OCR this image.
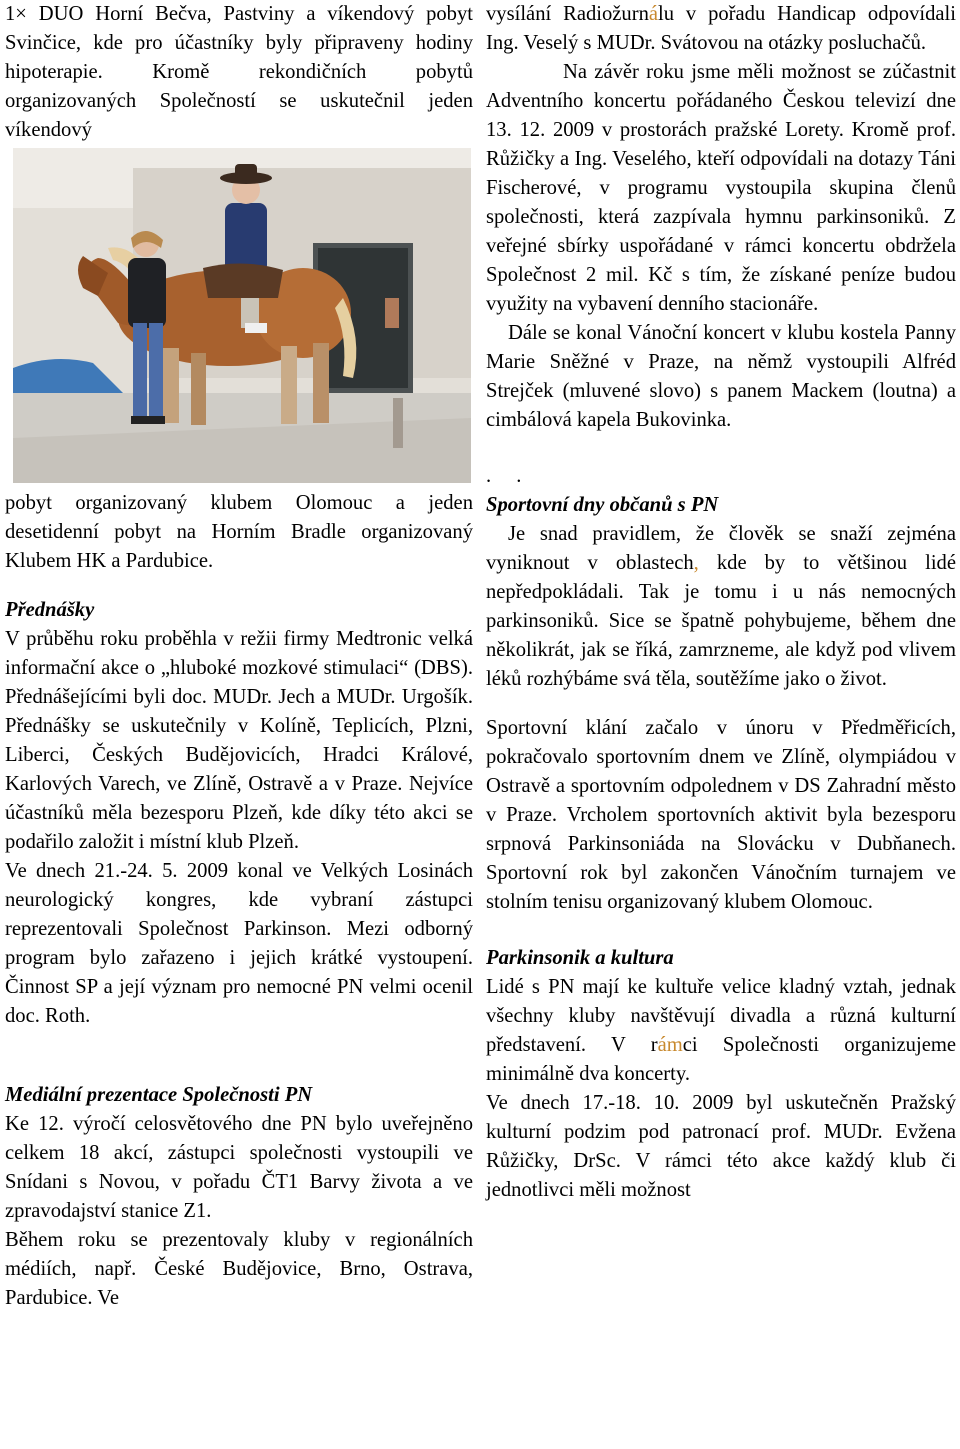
1× DUO Horní Bečva, Pastviny a víkendový pobyt Svinčice, kde pro účastníky byly připraveny hodiny hipoterapie. Kromě rekondičních pobytů organizovaných Společností se uskutečnil jeden víkendový

pobyt organizovaný klubem Olomouc a jeden desetidenní pobyt na Horním Bradle organizovaný Klubem HK a Pardubice.

Přednášky

V průběhu roku proběhla v režii firmy Medtronic velká informační akce o „hluboké mozkové stimulaci“ (DBS). Přednášejícími byli doc. MUDr. Jech a MUDr. Urgošík. Přednášky se uskutečnily v Kolíně, Teplicích, Plzni, Liberci, Českých Budějovicích, Hradci Králové, Karlových Varech, ve Zlíně, Ostravě a v Praze. Nejvíce účastníků měla bezesporu Plzeň, kde díky této akci se podařilo založit i místní klub Plzeň.

Ve dnech 21.-24. 5. 2009 konal ve Velkých Losinách neurologický kongres, kde vybraní zástupci reprezentovali Společnost Parkinson. Mezi odborný program bylo zařazeno i jejich krátké vystoupení. Činnost SP a její význam pro nemocné PN velmi ocenil doc. Roth.

Mediální prezentace Společnosti PN

Ke 12. výročí celosvětového dne PN bylo uveřejněno celkem 18 akcí, zástupci společnosti vystoupili ve Snídani s Novou, v pořadu ČT1 Barvy života a ve zpravodajství stanice Z1.

Během roku se prezentovaly kluby v regionálních médiích, např. České Budějovice, Brno, Ostrava, Pardubice. Ve

vysílání Radiožurnálu v pořadu Handicap odpovídali Ing. Veselý s MUDr. Svátovou na otázky posluchačů.

Na závěr roku jsme měli možnost se zúčastnit Adventního koncertu pořádaného Českou televizí dne 13. 12. 2009 v prostorách pražské Lorety. Kromě prof. Růžičky a Ing. Veselého, kteří odpovídali na dotazy Táni Fischerové, v programu vystoupila skupina členů společnosti, která zazpívala hymnu parkinsoniků. Z veřejné sbírky uspořádané v rámci koncertu obdržela Společnost 2 mil. Kč s tím, že získané peníze budou využity na vybavení denního stacionáře.

Dále se konal Vánoční koncert v klubu kostela Panny Marie Sněžné v Praze, na němž vystoupili Alfréd Strejček (mluvené slovo) s panem Mackem (loutna) a cimbálová kapela Bukovinka.

. .

Sportovní dny občanů s PN

Je snad pravidlem, že člověk se snaží zejména vyniknout v oblastech, kde by to většinou lidé nepředpokládali. Tak je tomu i u nás nemocných parkinsoniků. Sice se špatně pohybujeme, během dne několikrát, jak se říká, zamrzneme, ale když pod vlivem léků rozhýbáme svá těla, soutěžíme jako o život.

Sportovní klání začalo v únoru v Předměřicích, pokračovalo sportovním dnem ve Zlíně, olympiádou v Ostravě a sportovním odpolednem v DS Zahradní město v Praze. Vrcholem sportovních aktivit byla bezesporu srpnová Parkinsoniáda na Slovácku v Dubňanech. Sportovní rok byl zakončen Vánočním turnajem ve stolním tenisu organizovaný klubem Olomouc.

Parkinsonik a kultura

Lidé s PN mají ke kultuře velice kladný vztah, jednak všechny kluby navštěvují divadla a různá kulturní představení. V rámci Společnosti organizujeme minimálně dva koncerty.

Ve dnech 17.-18. 10. 2009 byl uskutečněn Pražský kulturní podzim pod patronací prof. MUDr. Evžena Růžičky, DrSc. V rámci této akce každý klub či jednotlivci měli možnost
